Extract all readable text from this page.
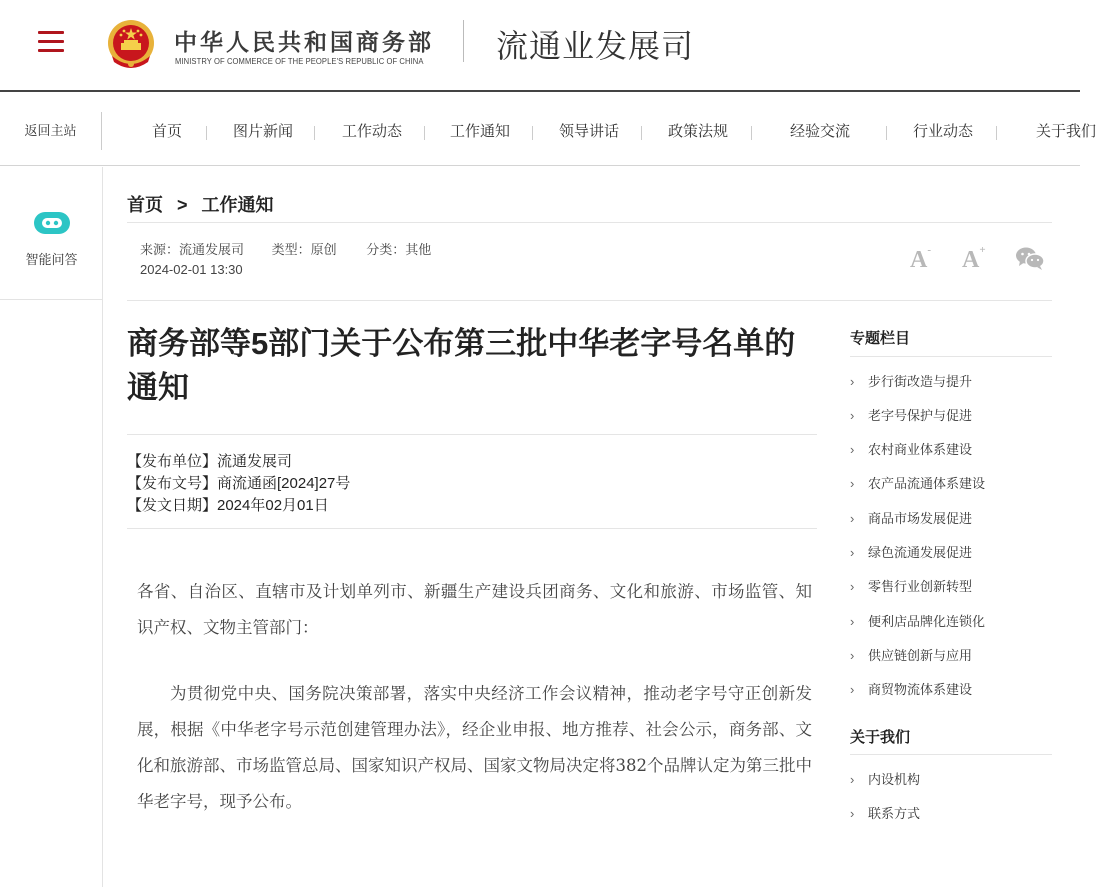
中华人民共和国商务部
MINISTRY OF COMMERCE OF THE PEOPLE'S REPUBLIC OF CHINA 流通业发展司
返回主站	首页	图片新闻	工作动态	工作通知	领导讲话	政策法规	经验交流	行业动态	关于我们
智能问答
首页 > 工作通知
来源：流通发展司 类型：原创 分类：其他
2024-02-01 13:30	A- A+
商务部等5部门关于公布第三批中华老字号名单的通知
【发布单位】流通发展司
【发布文号】商流通函[2024]27号
【发文日期】2024年02月01日

各省、自治区、直辖市及计划单列市、新疆生产建设兵团商务、文化和旅游、市场监管、知识产权、文物主管部门：

为贯彻党中央、国务院决策部署，落实中央经济工作会议精神，推动老字号守正创新发展，根据《中华老字号示范创建管理办法》，经企业申报、地方推荐、社会公示，商务部、文化和旅游部、市场监管总局、国家知识产权局、国家文物局决定将382个品牌认定为第三批中华老字号，现予公布。

专题栏目
› 步行街改造与提升
› 老字号保护与促进
› 农村商业体系建设
› 农产品流通体系建设
› 商品市场发展促进
› 绿色流通发展促进
› 零售行业创新转型
› 便利店品牌化连锁化
› 供应链创新与应用
› 商贸物流体系建设
关于我们
› 内设机构
› 联系方式
